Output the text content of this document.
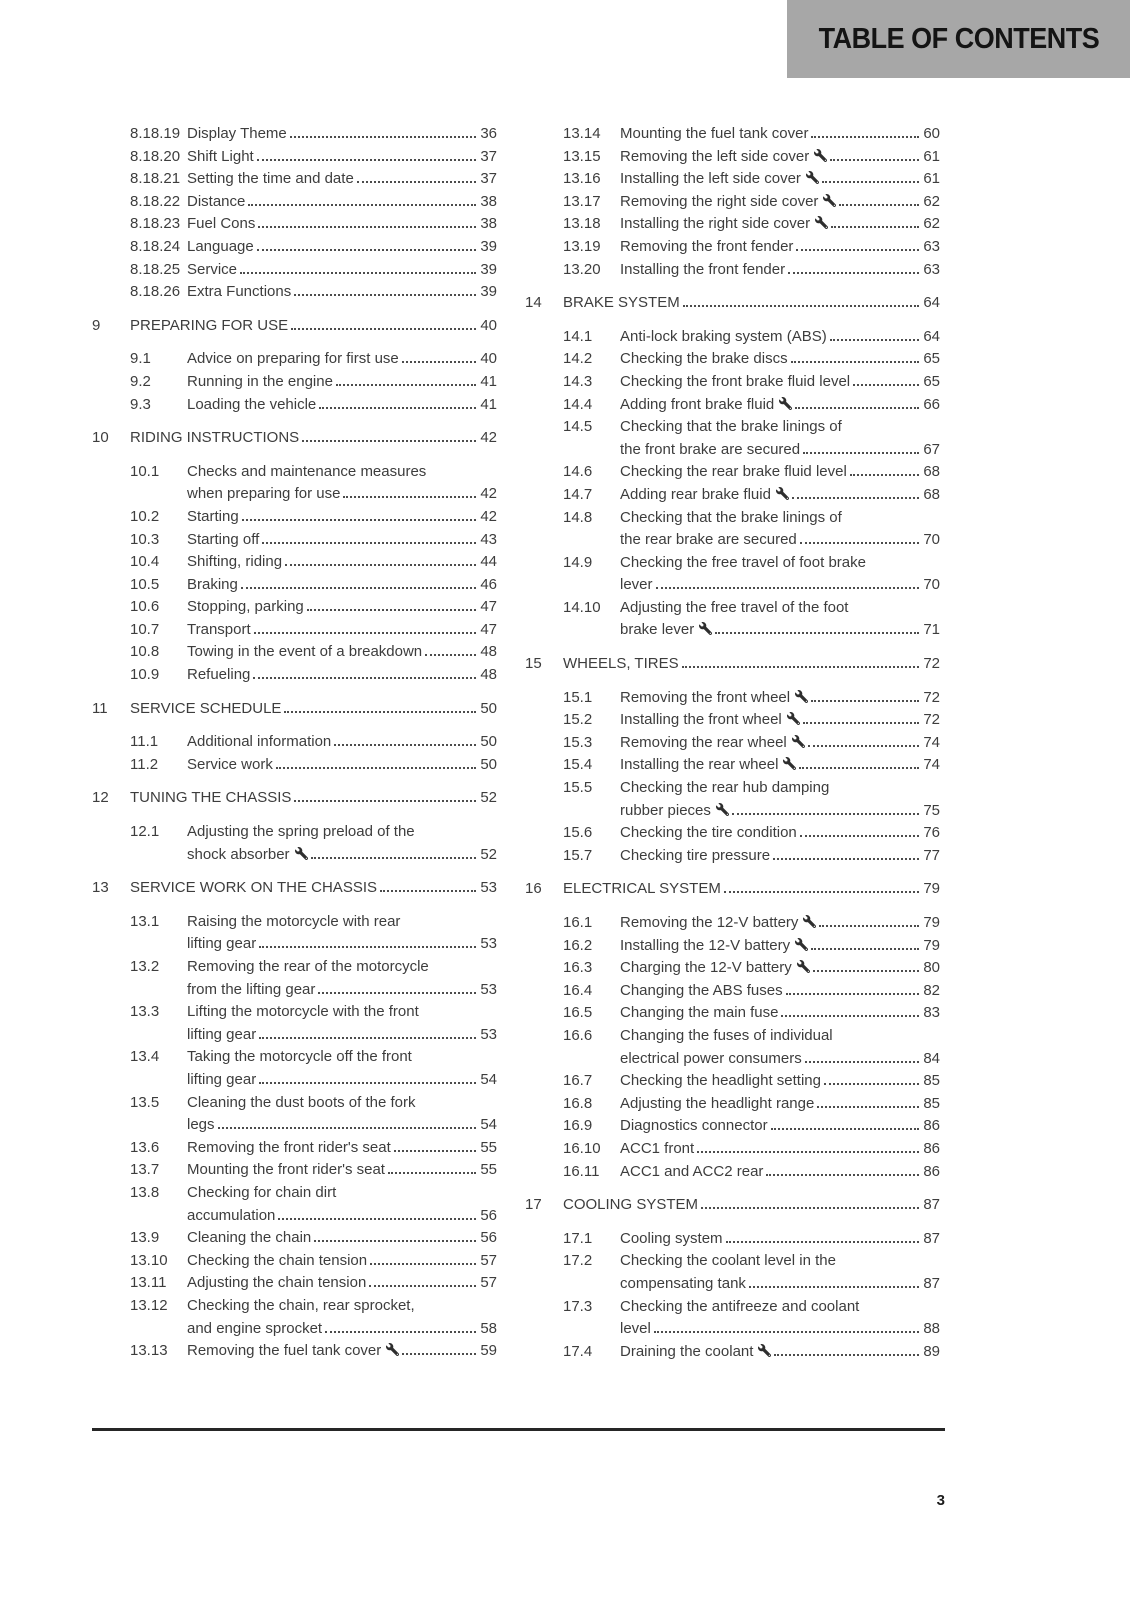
TABLE OF CONTENTS
8.18.19 Display Theme	36
8.18.20 Shift Light	37
8.18.21 Setting the time and date	37
8.18.22 Distance	38
8.18.23 Fuel Cons	38
8.18.24 Language	39
8.18.25 Service	39
8.18.26 Extra Functions	39
9	PREPARING FOR USE	40
9.1	Advice on preparing for first use	40
9.2	Running in the engine	41
9.3	Loading the vehicle	41
10	RIDING INSTRUCTIONS	42
10.1	Checks and maintenance measures
when preparing for use	42
10.2	Starting	42
10.3	Starting off	43
10.4	Shifting, riding	44
10.5	Braking	46
10.6	Stopping, parking	47
10.7	Transport	47
10.8	Towing in the event of a breakdown	48
10.9	Refueling	48
11	SERVICE SCHEDULE	50
11.1	Additional information	50
11.2	Service work	50
12	TUNING THE CHASSIS	52
12.1	Adjusting the spring preload of the
shock absorber	52
13	SERVICE WORK ON THE CHASSIS	53
13.1	Raising the motorcycle with rear
lifting gear	53
13.2	Removing the rear of the motorcycle
from the lifting gear	53
13.3	Lifting the motorcycle with the front
lifting gear	53
13.4	Taking the motorcycle off the front
lifting gear	54
13.5	Cleaning the dust boots of the fork
legs	54
13.6	Removing the front rider's seat	55
13.7	Mounting the front rider's seat	55
13.8	Checking for chain dirt
accumulation	56
13.9	Cleaning the chain	56
13.10	Checking the chain tension	57
13.11	Adjusting the chain tension	57
13.12	Checking the chain, rear sprocket,
and engine sprocket	58
13.13	Removing the fuel tank cover	59
13.14	Mounting the fuel tank cover	60
13.15	Removing the left side cover	61
13.16	Installing the left side cover	61
13.17	Removing the right side cover	62
13.18	Installing the right side cover	62
13.19	Removing the front fender	63
13.20	Installing the front fender	63
14	BRAKE SYSTEM	64
14.1	Anti-lock braking system (ABS)	64
14.2	Checking the brake discs	65
14.3	Checking the front brake fluid level	65
14.4	Adding front brake fluid	66
14.5	Checking that the brake linings of
the front brake are secured	67
14.6	Checking the rear brake fluid level	68
14.7	Adding rear brake fluid	68
14.8	Checking that the brake linings of
the rear brake are secured	70
14.9	Checking the free travel of foot brake
lever	70
14.10	Adjusting the free travel of the foot
brake lever	71
15	WHEELS, TIRES	72
15.1	Removing the front wheel	72
15.2	Installing the front wheel	72
15.3	Removing the rear wheel	74
15.4	Installing the rear wheel	74
15.5	Checking the rear hub damping
rubber pieces	75
15.6	Checking the tire condition	76
15.7	Checking tire pressure	77
16	ELECTRICAL SYSTEM	79
16.1	Removing the 12-V battery	79
16.2	Installing the 12-V battery	79
16.3	Charging the 12-V battery	80
16.4	Changing the ABS fuses	82
16.5	Changing the main fuse	83
16.6	Changing the fuses of individual
electrical power consumers	84
16.7	Checking the headlight setting	85
16.8	Adjusting the headlight range	85
16.9	Diagnostics connector	86
16.10	ACC1 front	86
16.11	ACC1 and ACC2 rear	86
17	COOLING SYSTEM	87
17.1	Cooling system	87
17.2	Checking the coolant level in the
compensating tank	87
17.3	Checking the antifreeze and coolant
level	88
17.4	Draining the coolant	89
3
